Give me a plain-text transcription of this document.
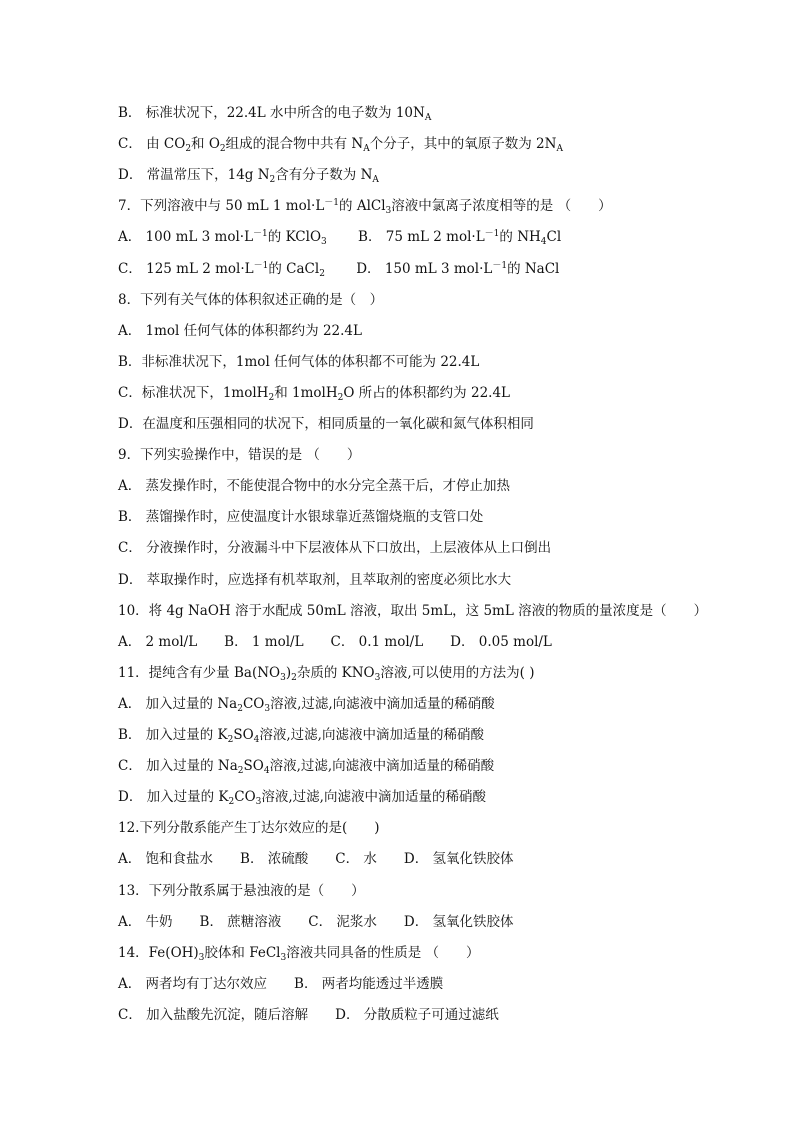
B． 标准状况下，22.4L 水中所含的电子数为 $10N_A$
C． 由 $CO_2$和 $O_2$组成的混合物中共有 $N_A$个分子，其中的氧原子数为 $2N_A$
D． 常温常压下，14g $N_2$含有分子数为 $N_A$
7．下列溶液中与 50 mL 1 $mol\cdot L^{-1}$的 AlCl$_3$溶液中氯离子浓度相等的是 （　　）
A． 100 mL 3 $mol\cdot L^{-1}$的 KClO$_3$ 　　B． 75 mL 2 $mol\cdot L^{-1}$的 $NH_4Cl$
C． 125 mL 2 $mol\cdot L^{-1}$的 CaCl$_2$ 　　D． 150 mL 3 $mol\cdot L^{-1}$的 NaCl
8．下列有关气体的体积叙述正确的是（　）
A． 1mol 任何气体的体积都约为 22.4L
B．非标准状况下，1mol 任何气体的体积都不可能为 22.4L
C．标准状况下，1molH$_2$和 1molH$_2$O 所占的体积都约为 22.4L
D．在温度和压强相同的状况下，相同质量的一氧化碳和氮气体积相同
9．下列实验操作中，错误的是 （　　）
A． 蒸发操作时，不能使混合物中的水分完全蒸干后，才停止加热
B． 蒸馏操作时，应使温度计水银球靠近蒸馏烧瓶的支管口处
C． 分液操作时，分液漏斗中下层液体从下口放出，上层液体从上口倒出
D． 萃取操作时，应选择有机萃取剂，且萃取剂的密度必须比水大
10．将 4g NaOH 溶于水配成 50mL 溶液，取出 5mL，这 5mL 溶液的物质的量浓度是（　　）
A． 2 mol/L　　B． 1 mol/L　　C． 0.1 mol/L　　D． 0.05 mol/L
11．提纯含有少量 $Ba(NO_3)_2$杂质的 $KNO_3$溶液,可以使用的方法为( )
A． 加入过量的 $Na_2CO_3$溶液,过滤,向滤液中滴加适量的稀硝酸
B． 加入过量的 $K_2SO_4$溶液,过滤,向滤液中滴加适量的稀硝酸
C． 加入过量的 $Na_2SO_4$溶液,过滤,向滤液中滴加适量的稀硝酸
D． 加入过量的 $K_2CO_3$溶液,过滤,向滤液中滴加适量的稀硝酸
12.下列分散系能产生丁达尔效应的是(　　)
A． 饱和食盐水　　B． 浓硫酸　　C． 水　　D． 氢氧化铁胶体
13．下列分散系属于悬浊液的是（　　）
A． 牛奶　　B． 蔗糖溶液　　C． 泥浆水　　D． 氢氧化铁胶体
14．$Fe(OH)_3$胶体和 FeCl$_3$溶液共同具备的性质是 （　　）
A． 两者均有丁达尔效应　　B． 两者均能透过半透膜
C． 加入盐酸先沉淀，随后溶解　　D． 分散质粒子可通过滤纸
